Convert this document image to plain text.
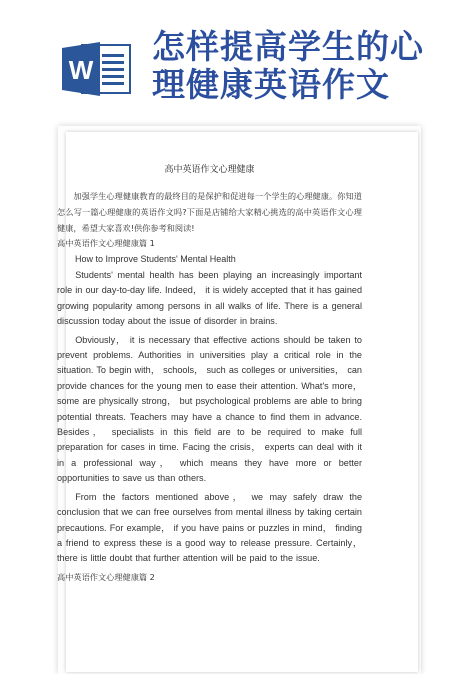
W
怎样提高学生的心
理健康英语作文
高中英语作文心理健康

加强学生心理健康教育的最终目的是保护和促进每一个学生的心理健康。你知道怎么写一篇心理健康的英语作文吗?下面是店铺给大家精心挑选的高中英语作文心理健康，希望大家喜欢!供你参考和阅读!

高中英语作文心理健康篇 1

How to Improve Students' Mental Health

Students' mental health has been playing an increasingly important role in our day-to-day life. Indeed， it is widely accepted that it has gained growing popularity among persons in all walks of life. There is a general discussion today about the issue of disorder in brains.

Obviously， it is necessary that effective actions should be taken to prevent problems. Authorities in universities play a critical role in the situation. To begin with， schools， such as colleges or universities， can provide chances for the young men to ease their attention. What's more， some are physically strong， but psychological problems are able to bring potential threats. Teachers may have a chance to find them in advance. Besides， specialists in this field are to be required to make full preparation for cases in time. Facing the crisis， experts can deal with it in a professional way， which means they have more or better opportunities to save us than others.

From the factors mentioned above， we may safely draw the conclusion that we can free ourselves from mental illness by taking certain precautions. For example， if you have pains or puzzles in mind， finding a friend to express these is a good way to release pressure. Certainly， there is little doubt that further attention will be paid to the issue.

高中英语作文心理健康篇 2
